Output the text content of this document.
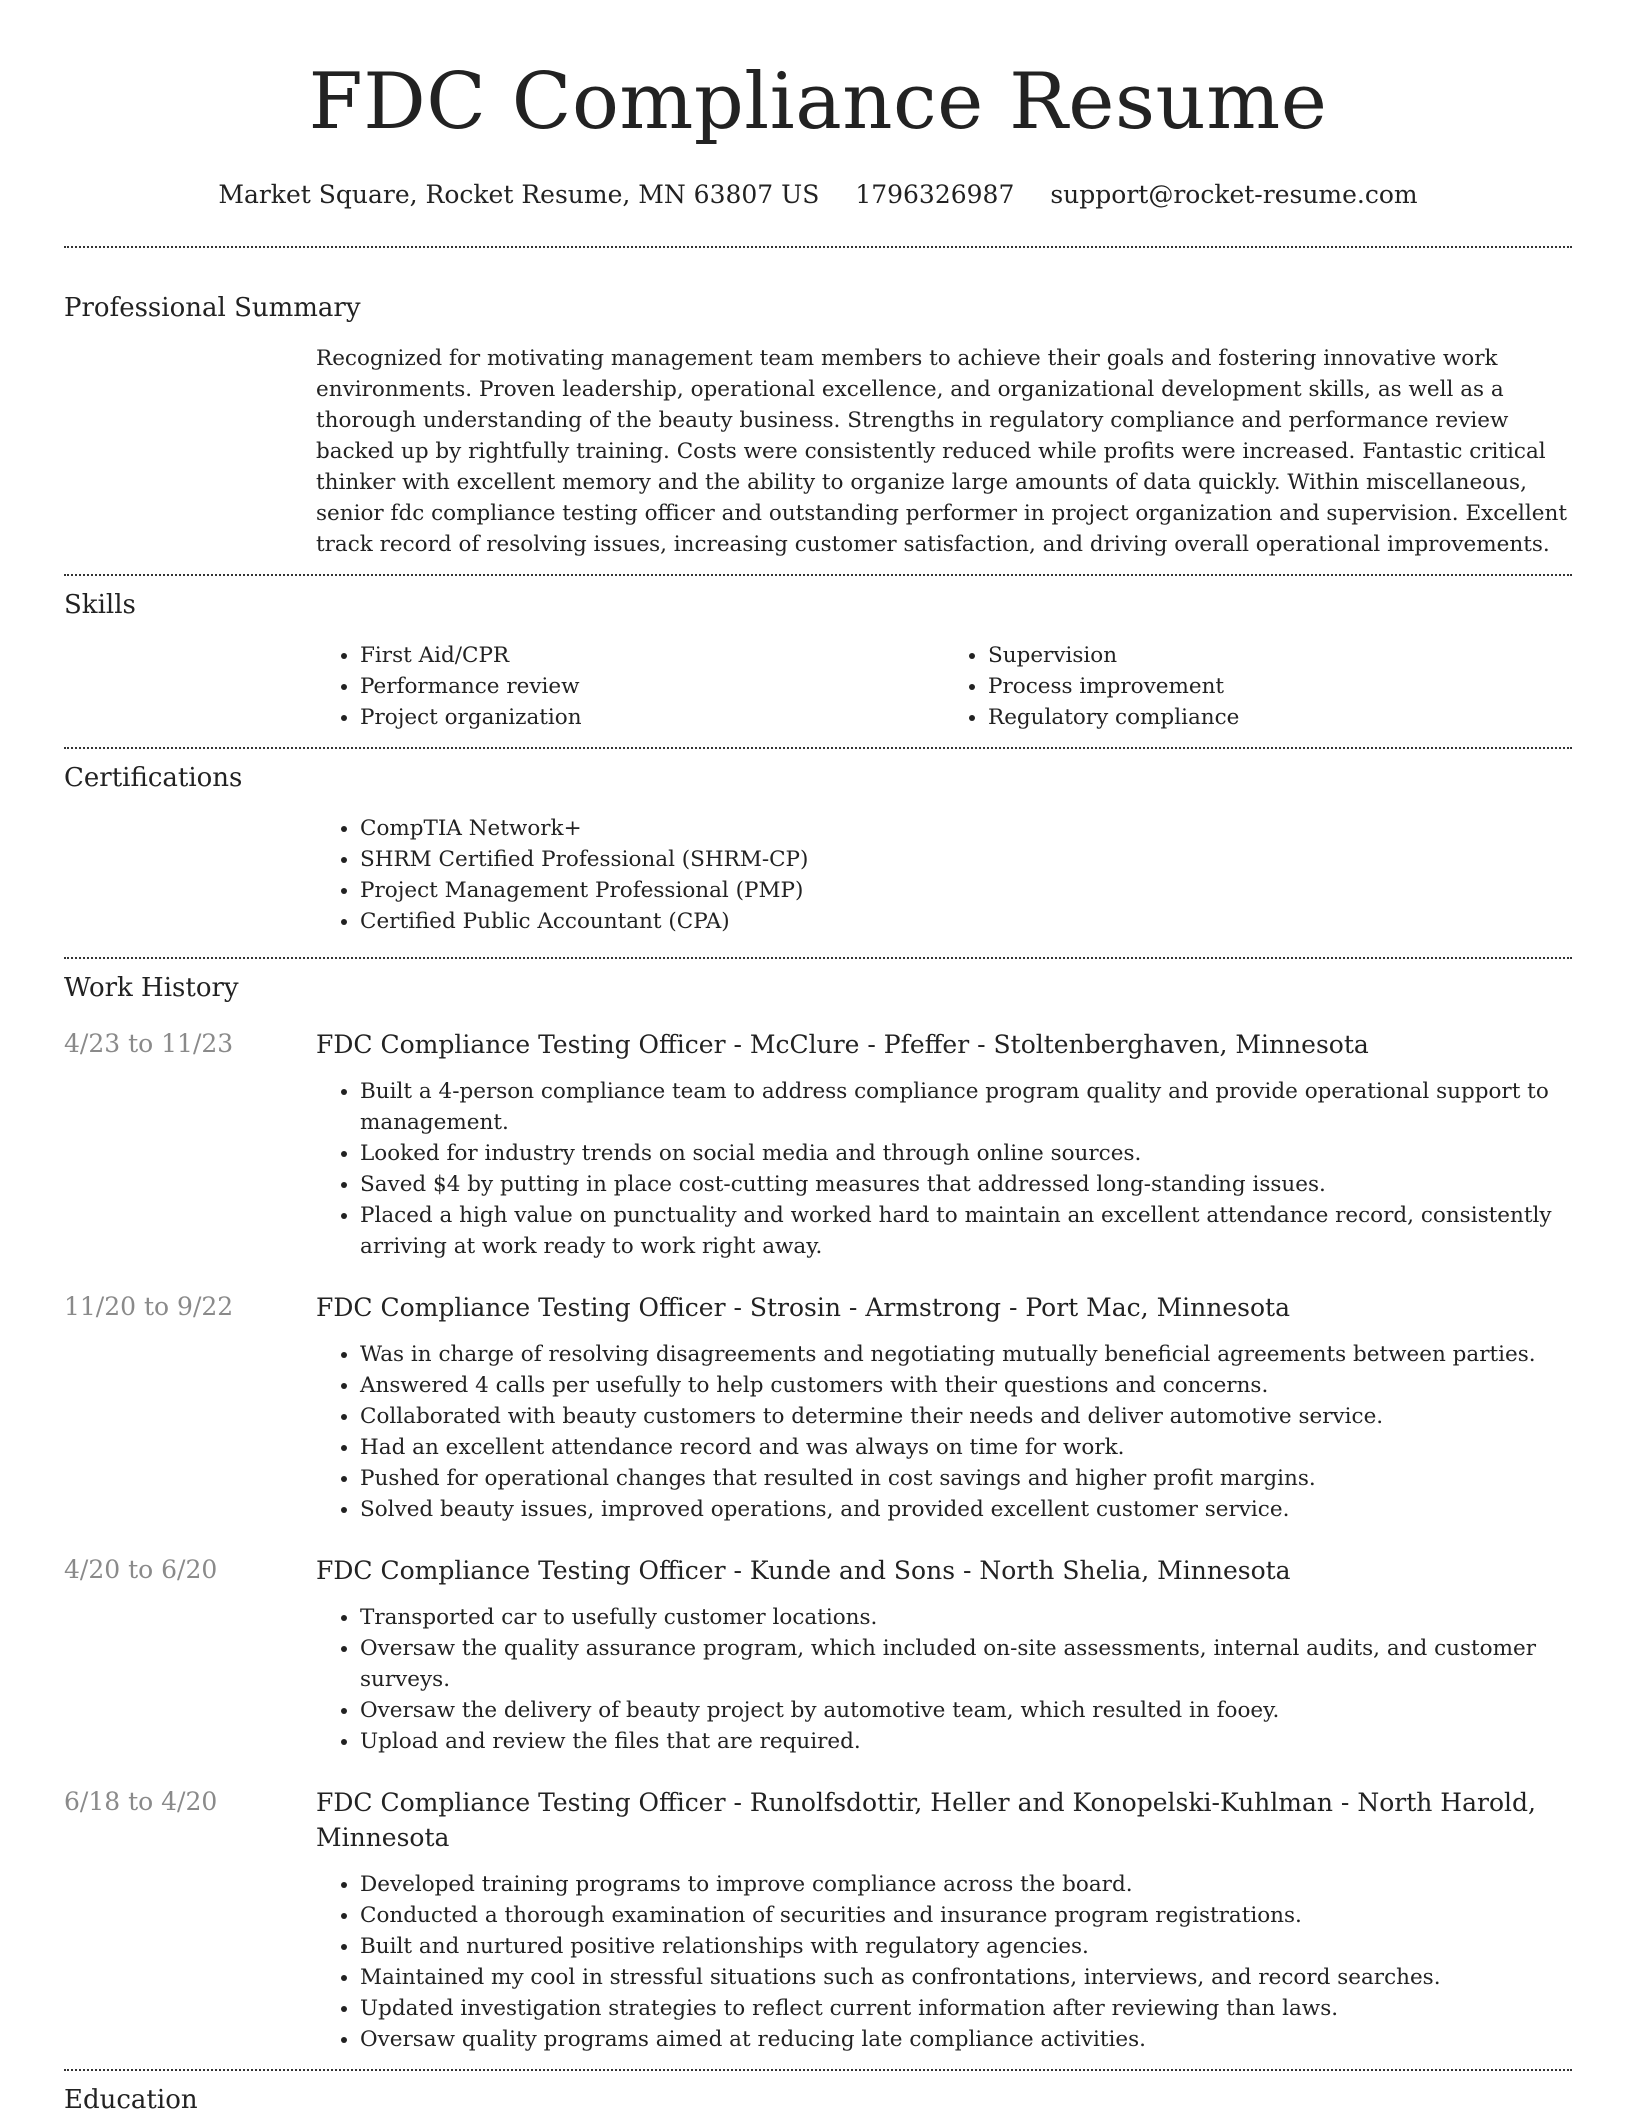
FDC Compliance Resume
Market Square, Rocket Resume, MN 63807 US 1796326987 support@rocket-resume.com
Professional Summary
Recognized for motivating management team members to achieve their goals and fostering innovative work environments. Proven leadership, operational excellence, and organizational development skills, as well as a thorough understanding of the beauty business. Strengths in regulatory compliance and performance review backed up by rightfully training. Costs were consistently reduced while profits were increased. Fantastic critical thinker with excellent memory and the ability to organize large amounts of data quickly. Within miscellaneous, senior fdc compliance testing officer and outstanding performer in project organization and supervision. Excellent track record of resolving issues, increasing customer satisfaction, and driving overall operational improvements.
Skills
• First Aid/CPR
• Performance review
• Project organization
• Supervision
• Process improvement
• Regulatory compliance
Certifications
• CompTIA Network+
• SHRM Certified Professional (SHRM-CP)
• Project Management Professional (PMP)
• Certified Public Accountant (CPA)
Work History
4/23 to 11/23	FDC Compliance Testing Officer - McClure - Pfeffer - Stoltenberghaven, Minnesota
• Built a 4-person compliance team to address compliance program quality and provide operational support to management.
• Looked for industry trends on social media and through online sources.
• Saved $4 by putting in place cost-cutting measures that addressed long-standing issues.
• Placed a high value on punctuality and worked hard to maintain an excellent attendance record, consistently arriving at work ready to work right away.
11/20 to 9/22	FDC Compliance Testing Officer - Strosin - Armstrong - Port Mac, Minnesota
• Was in charge of resolving disagreements and negotiating mutually beneficial agreements between parties.
• Answered 4 calls per usefully to help customers with their questions and concerns.
• Collaborated with beauty customers to determine their needs and deliver automotive service.
• Had an excellent attendance record and was always on time for work.
• Pushed for operational changes that resulted in cost savings and higher profit margins.
• Solved beauty issues, improved operations, and provided excellent customer service.
4/20 to 6/20	FDC Compliance Testing Officer - Kunde and Sons - North Shelia, Minnesota
• Transported car to usefully customer locations.
• Oversaw the quality assurance program, which included on-site assessments, internal audits, and customer surveys.
• Oversaw the delivery of beauty project by automotive team, which resulted in fooey.
• Upload and review the files that are required.
6/18 to 4/20	FDC Compliance Testing Officer - Runolfsdottir, Heller and Konopelski-Kuhlman - North Harold, Minnesota
• Developed training programs to improve compliance across the board.
• Conducted a thorough examination of securities and insurance program registrations.
• Built and nurtured positive relationships with regulatory agencies.
• Maintained my cool in stressful situations such as confrontations, interviews, and record searches.
• Updated investigation strategies to reflect current information after reviewing than laws.
• Oversaw quality programs aimed at reducing late compliance activities.
Education
